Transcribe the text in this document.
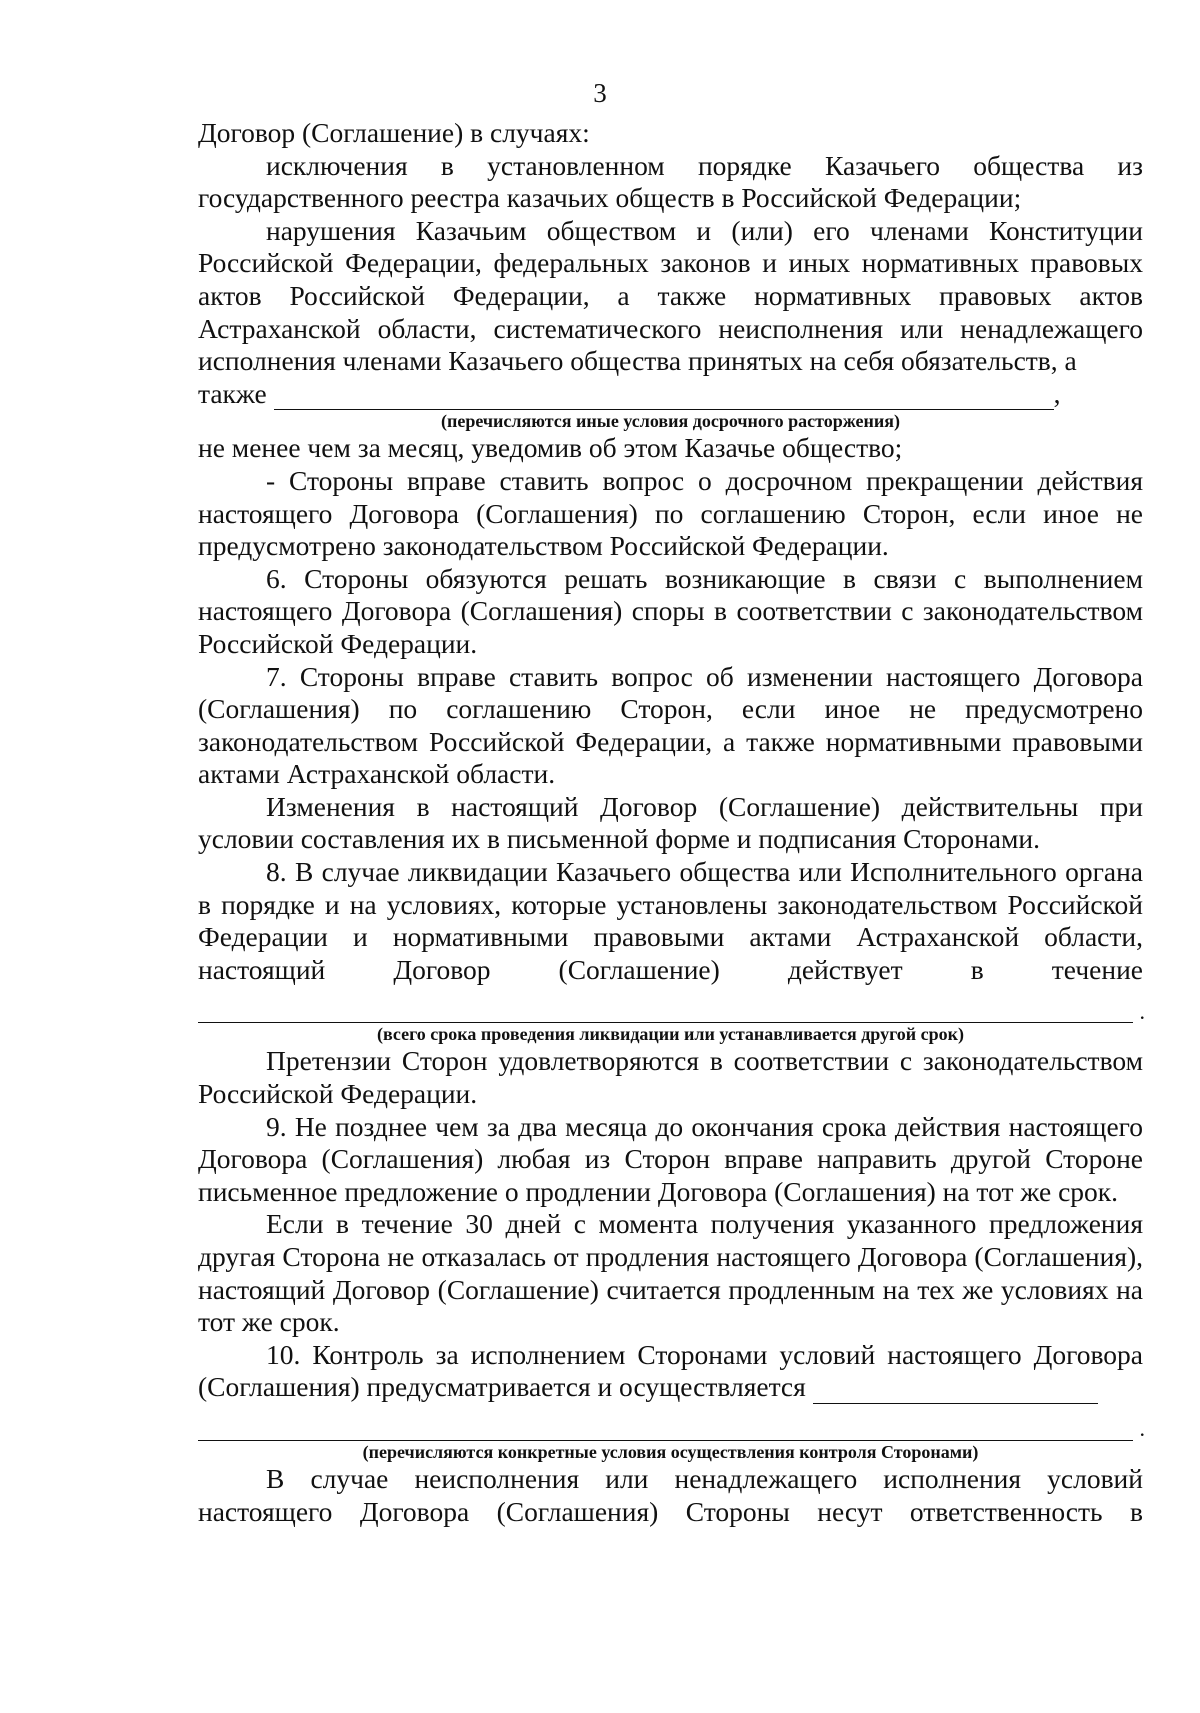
3

Договор (Соглашение) в случаях:

исключения в установленном порядке Казачьего общества из государственного реестра казачьих обществ в Российской Федерации;

нарушения Казачьим обществом и (или) его членами Конституции Российской Федерации, федеральных законов и иных нормативных правовых актов Российской Федерации, а также нормативных правовых актов Астраханской области, систематического неисполнения или ненадлежащего исполнения членами Казачьего общества принятых на себя обязательств, а

также	,

(перечисляются иные условия досрочного расторжения)

не менее чем за месяц, уведомив об этом Казачье общество;

- Стороны вправе ставить вопрос о досрочном прекращении действия настоящего Договора (Соглашения) по соглашению Сторон, если иное не предусмотрено законодательством Российской Федерации.

6. Стороны обязуются решать возникающие в связи с выполнением настоящего Договора (Соглашения) споры в соответствии с законодательством Российской Федерации.

7. Стороны вправе ставить вопрос об изменении настоящего Договора (Соглашения) по соглашению Сторон, если иное не предусмотрено законодательством Российской Федерации, а также нормативными правовыми актами Астраханской области.

Изменения в настоящий Договор (Соглашение) действительны при условии составления их в письменной форме и подписания Сторонами.

8. В случае ликвидации Казачьего общества или Исполнительного органа в порядке и на условиях, которые установлены законодательством Российской Федерации и нормативными правовыми актами Астраханской области, настоящий Договор (Соглашение) действует в течение

.

(всего срока проведения ликвидации или устанавливается другой срок)

Претензии Сторон удовлетворяются в соответствии с законодательством Российской Федерации.

9. Не позднее чем за два месяца до окончания срока действия настоящего Договора (Соглашения) любая из Сторон вправе направить другой Стороне письменное предложение о продлении Договора (Соглашения) на тот же срок.

Если в течение 30 дней с момента получения указанного предложения другая Сторона не отказалась от продления настоящего Договора (Соглашения), настоящий Договор (Соглашение) считается продленным на тех же условиях на тот же срок.

10. Контроль за исполнением Сторонами условий настоящего Договора (Соглашения) предусматривается и осуществляется

.

(перечисляются конкретные условия осуществления контроля Сторонами)

В случае неисполнения или ненадлежащего исполнения условий настоящего Договора (Соглашения) Стороны несут ответственность в
